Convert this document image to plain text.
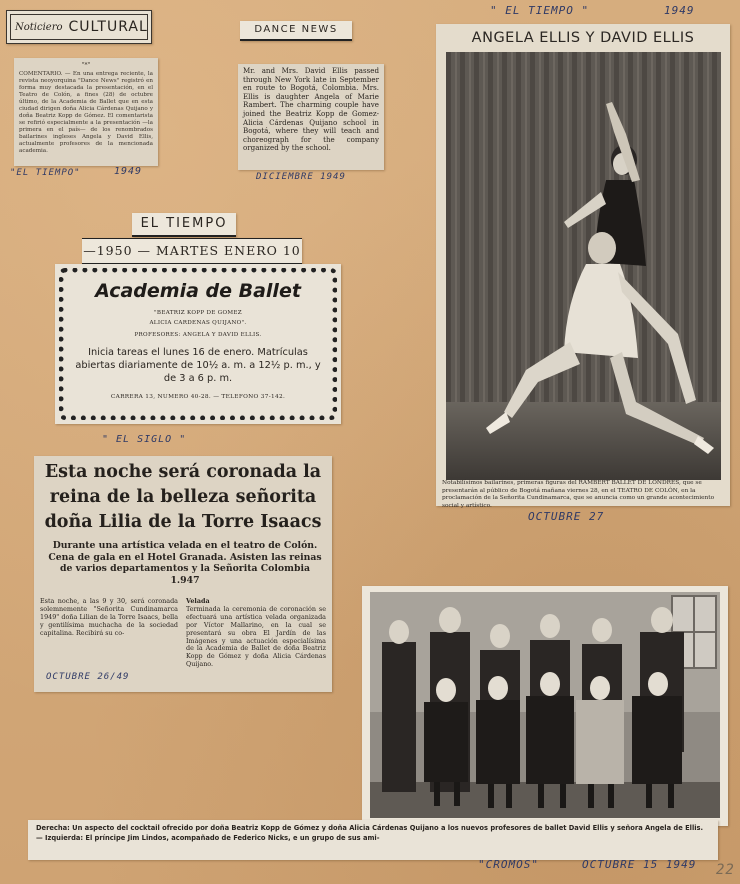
Noticiero CULTURAL
"*"
COMENTARIO. — En una entrega reciente, la revista neoyorquina "Dance News" registró en forma muy destacada la presentación, en el Teatro de Colón, a fines (28) de octubre último, de la Academia de Ballet que en esta ciudad dirigen doña Alicia Cárdenas Quijano y doña Beatriz Kopp de Gómez. El comentarista se refirió especialmente a la presentación —la primera en el país— de los renombrados bailarines ingleses Angela y David Ellis, actualmente profesores de la mencionada academia.
"EL TIEMPO"	1949
DANCE NEWS
Mr. and Mrs. David Ellis passed through New York late in September en route to Bogotá, Colombia. Mrs. Ellis is daughter Angela of Marie Rambert. The charming couple have joined the Beatriz Kopp de Gomez-Alicia Cárdenas Quijano school in Bogotá, where they will teach and choreograph for the company organized by the school.
DICIEMBRE 1949
" EL TIEMPO "	1949
ANGELA ELLIS Y DAVID ELLIS
Notabilísimos bailarines, primeras figuras del RAMBERT BALLET DE LONDRES, que se presentarán al público de Bogotá mañana viernes 28, en el TEATRO DE COLÓN, en la proclamación de la Señorita Cundinamarca, que se anuncia como un grande acontecimiento social y artístico.
OCTUBRE 27
EL TIEMPO
—1950 — MARTES ENERO 10
Academia de Ballet
"BEATRIZ KOPP DE GOMEZ
ALICIA CARDENAS QUIJANO".
PROFESORES: ANGELA Y DAVID ELLIS.
Inicia tareas el lunes 16 de enero. Matrículas abiertas diariamente de 10½ a. m. a 12½ p. m., y de 3 a 6 p. m.
CARRERA 13, NUMERO 40-28. — TELEFONO 37-142.
" EL SIGLO "
Esta noche será coronada la reina de la belleza señorita doña Lilia de la Torre Isaacs
Durante una artística velada en el teatro de Colón. Cena de gala en el Hotel Granada. Asisten las reinas de varios departamentos y la Señorita Colombia 1.947
Esta noche, a las 9 y 30, será coronada solemnemente "Señorita Cundinamarca 1949" doña Lilian de la Torre Isaacs, bella y gentilísima muchacha de la sociedad capitalina. Recibirá su co-
Velada
Terminada la ceremonia de coronación se efectuará una artística velada organizada por Víctor Mallarino, en la cual se presentará su obra El Jardín de las Imágenes y una actuación especialísima de la Academia de Ballet de doña Beatriz Kopp de Gómez y doña Alicia Cárdenas Quijano.
OCTUBRE 26/49
Derecha: Un aspecto del cocktail ofrecido por doña Beatriz Kopp de Gómez y doña Alicia Cárdenas Quijano a los nuevos profesores de ballet David Ellis y señora Angela de Ellis. — Izquierda: El príncipe Jim Lindos, acompañado de Federico Nicks, e un grupo de sus ami-
"CROMOS"	OCTUBRE 15 1949 22
